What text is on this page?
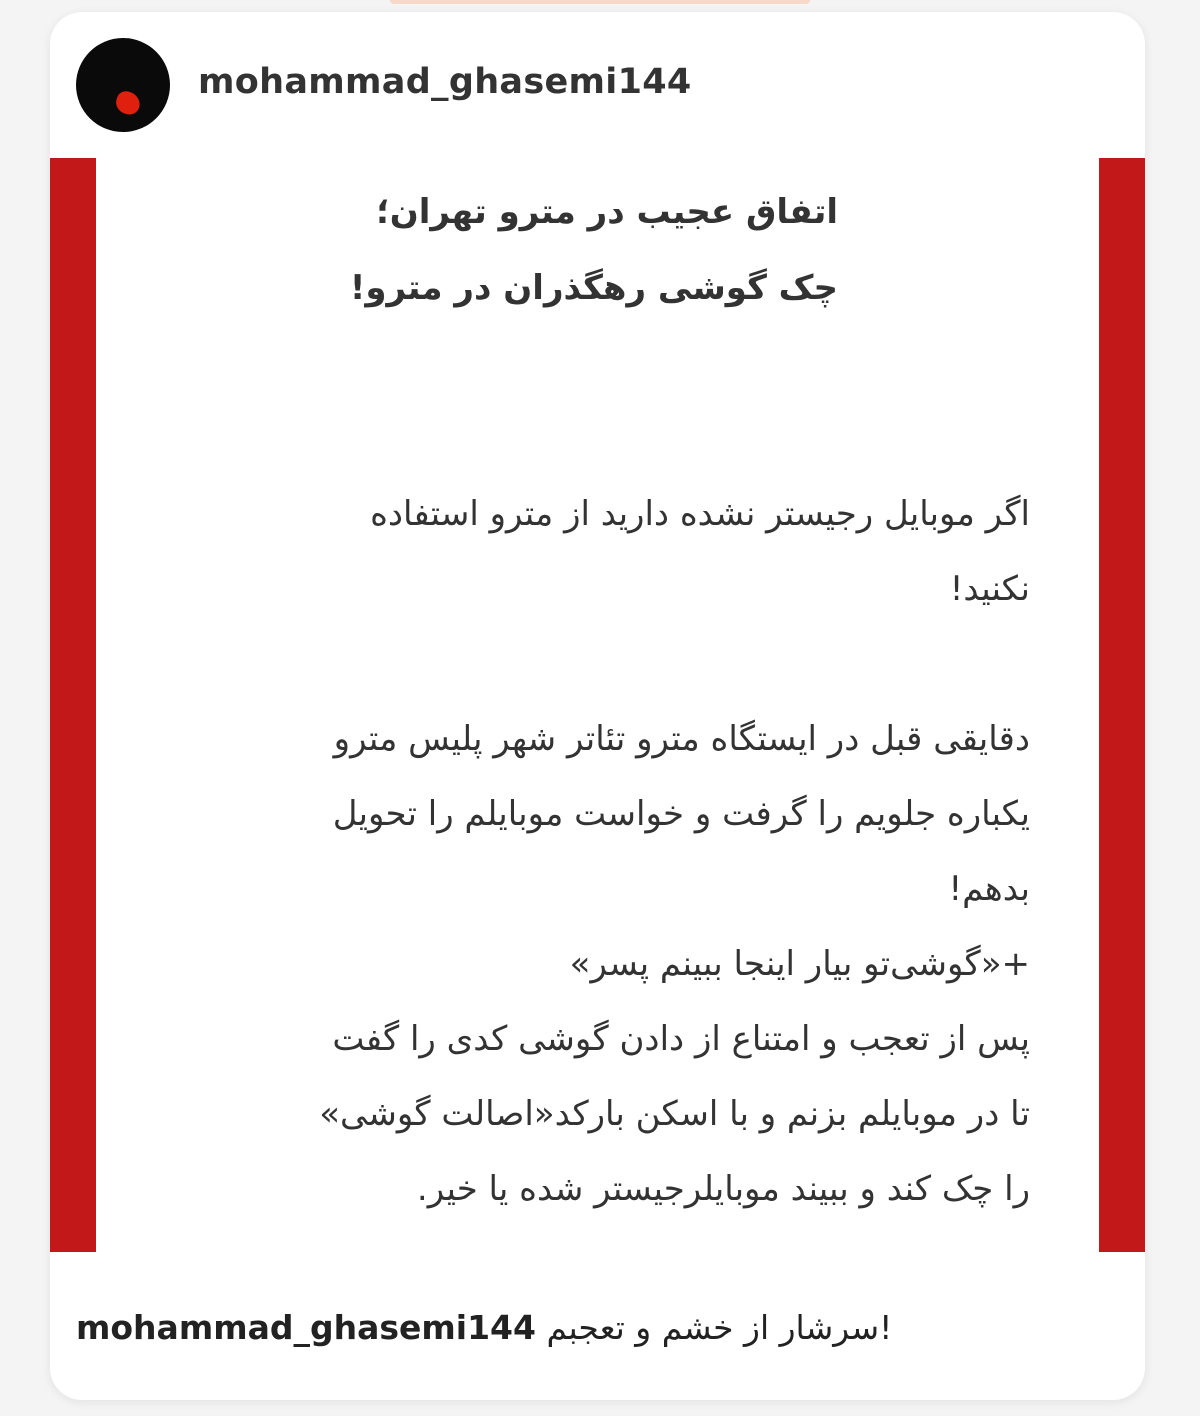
mohammad_ghasemi144
اتفاق عجیب در مترو تهران؛
چک گوشی رهگذران در مترو!
اگر موبایل رجیستر نشده دارید از مترو استفاده
نکنید!
دقایقی قبل در ایستگاه مترو تئاتر شهر پلیس مترو
یکباره جلویم را گرفت و خواست موبایلم را تحویل
بدهم!
+«گوشی‌تو بیار اینجا ببینم پسر»
پس از تعجب و امتناع از دادن گوشی کدی را گفت
تا در موبایلم بزنم و با اسکن بارکد«اصالت گوشی»
را چک کند و ببیند موبایلرجیستر شده یا خیر.
mohammad_ghasemi144 سرشار از خشم و تعجبم!
